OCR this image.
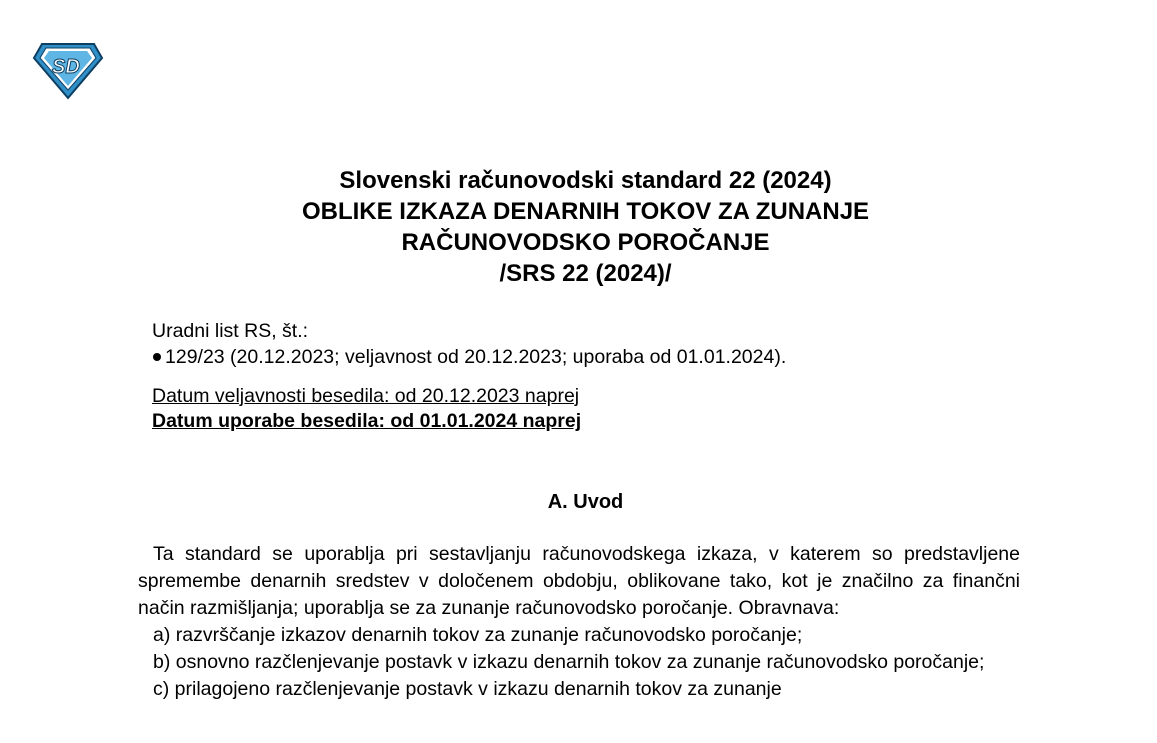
SD
Slovenski računovodski standard 22 (2024)
OBLIKE IZKAZA DENARNIH TOKOV ZA ZUNANJE
RAČUNOVODSKO POROČANJE
/SRS 22 (2024)/
Uradni list RS, št.:
129/23 (20.12.2023; veljavnost od 20.12.2023; uporaba od 01.01.2024).
Datum veljavnosti besedila: od 20.12.2023 naprej
Datum uporabe besedila: od 01.01.2024 naprej
A. Uvod

Ta standard se uporablja pri sestavljanju računovodskega izkaza, v katerem so predstavljene spremembe denarnih sredstev v določenem obdobju, oblikovane tako, kot je značilno za finančni način razmišljanja; uporablja se za zunanje računovodsko poročanje. Obravnava:

a) razvrščanje izkazov denarnih tokov za zunanje računovodsko poročanje;

b) osnovno razčlenjevanje postavk v izkazu denarnih tokov za zunanje računovodsko poročanje;

c) prilagojeno razčlenjevanje postavk v izkazu denarnih tokov za zunanje
